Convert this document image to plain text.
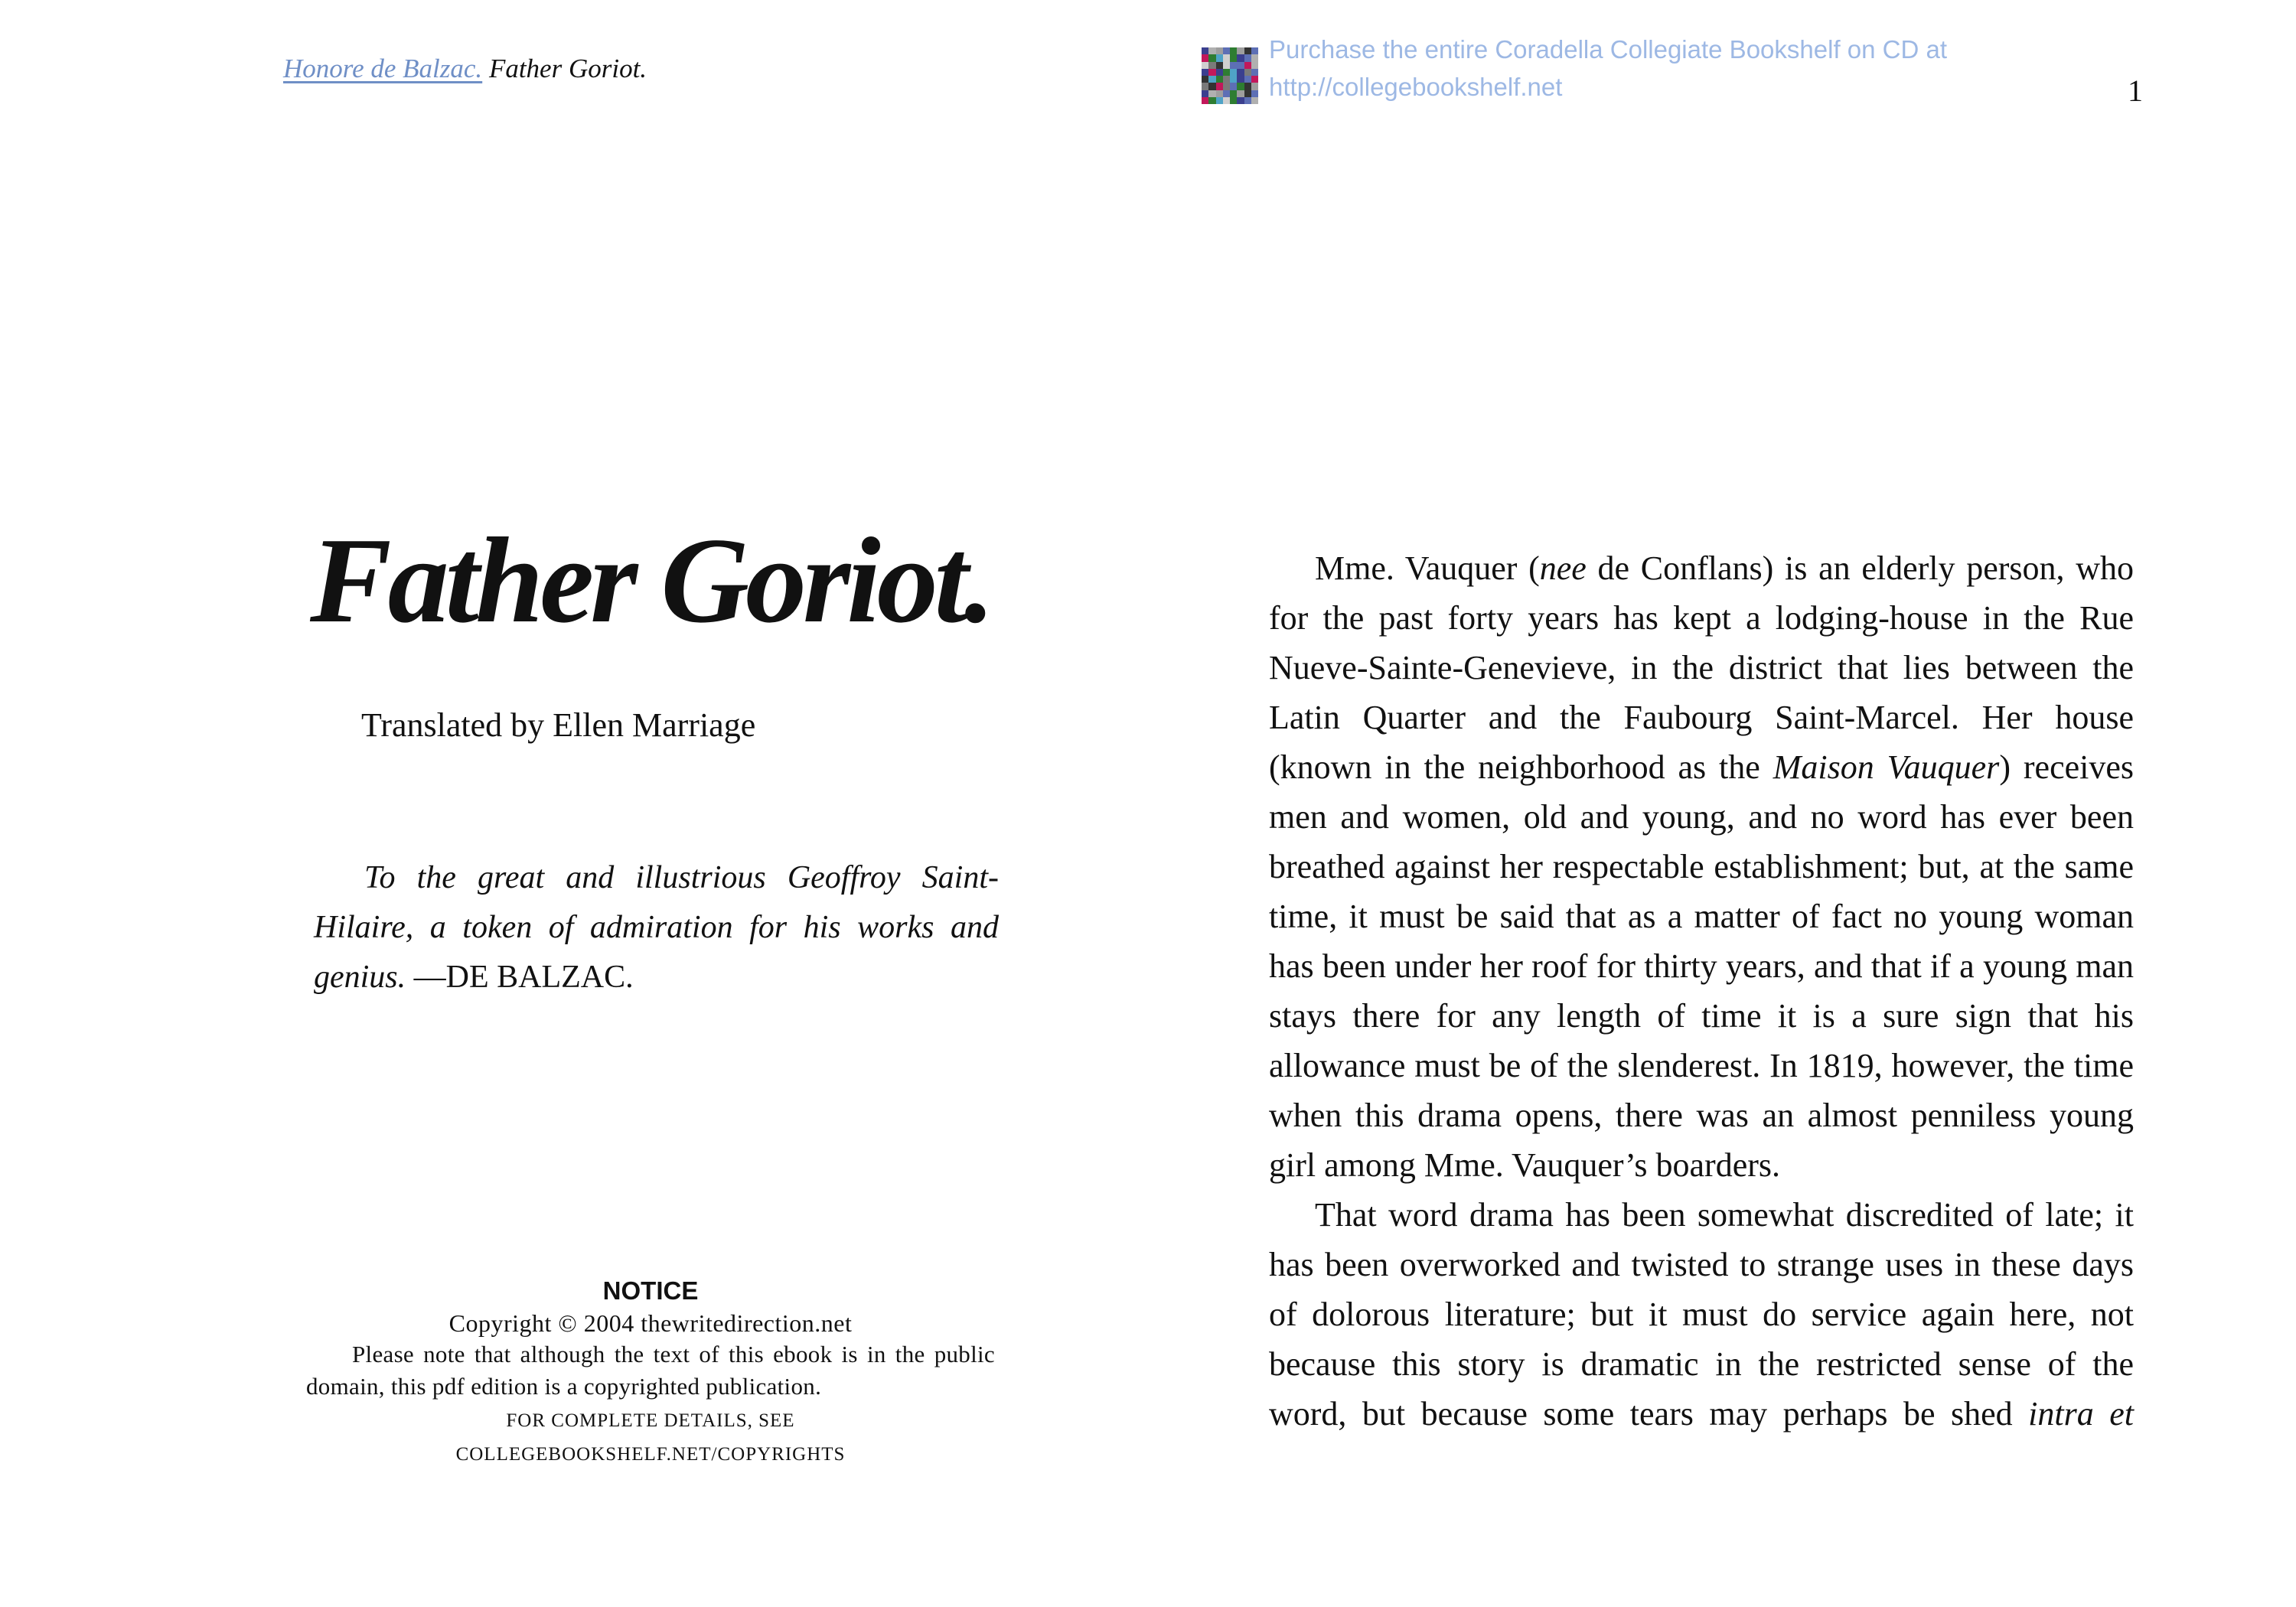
Honore de Balzac. Father Goriot.
Purchase the entire Coradella Collegiate Bookshelf on CD at
http://collegebookshelf.net	1
Father Goriot.
Translated by Ellen Marriage

To the great and illustrious Geoffroy Saint-Hilaire, a token of admiration for his works and genius. —DE BALZAC.

NOTICE
Copyright © 2004 thewritedirection.net
Please note that although the text of this ebook is in the public domain, this pdf edition is a copyrighted publication.
FOR COMPLETE DETAILS, SEE
COLLEGEBOOKSHELF.NET/COPYRIGHTS

Mme. Vauquer (nee de Conflans) is an elderly person, who for the past forty years has kept a lodging-house in the Rue Nueve-Sainte-Genevieve, in the district that lies between the Latin Quarter and the Faubourg Saint-Marcel. Her house (known in the neighborhood as the Maison Vauquer) receives men and women, old and young, and no word has ever been breathed against her respectable establishment; but, at the same time, it must be said that as a matter of fact no young woman has been under her roof for thirty years, and that if a young man stays there for any length of time it is a sure sign that his allowance must be of the slenderest. In 1819, however, the time when this drama opens, there was an almost penniless young girl among Mme. Vauquer’s boarders.

That word drama has been somewhat discredited of late; it has been overworked and twisted to strange uses in these days of dolorous literature; but it must do service again here, not because this story is dramatic in the restricted sense of the word, but because some tears may perhaps be shed intra et
